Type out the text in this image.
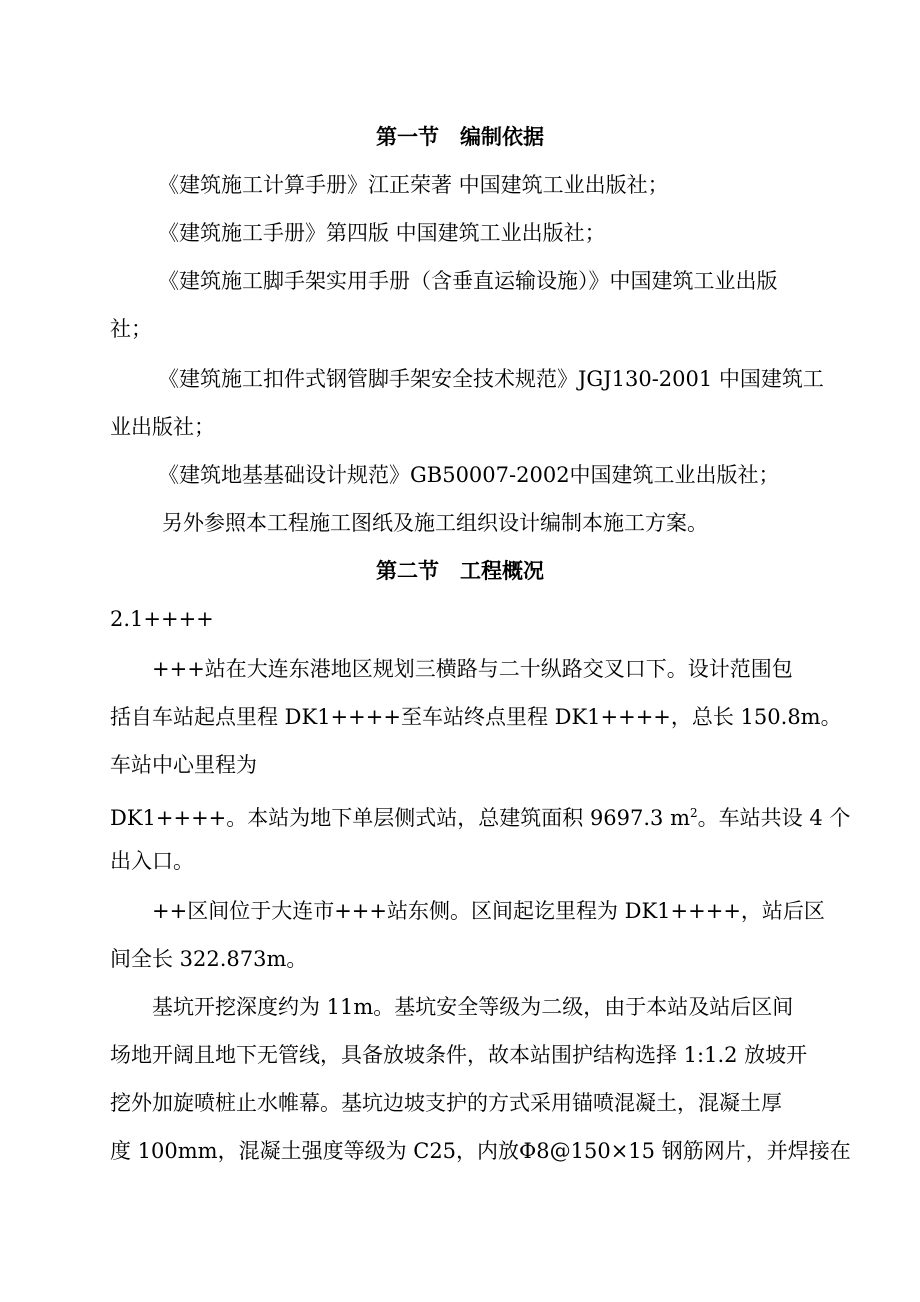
第一节　编制依据
《建筑施工计算手册》江正荣著 中国建筑工业出版社；
《建筑施工手册》第四版 中国建筑工业出版社；
《建筑施工脚手架实用手册（含垂直运输设施）》中国建筑工业出版
社；
《建筑施工扣件式钢管脚手架安全技术规范》JGJ130-2001 中国建筑工
业出版社；
《建筑地基基础设计规范》GB50007-2002中国建筑工业出版社；
另外参照本工程施工图纸及施工组织设计编制本施工方案。
第二节　工程概况
2.1++++
+++站在大连东港地区规划三横路与二十纵路交叉口下。设计范围包
括自车站起点里程 DK1++++至车站终点里程 DK1++++，总长 150.8m。
车站中心里程为
DK1++++。本站为地下单层侧式站，总建筑面积 9697.3 $m^2$。车站共设 4 个
出入口。
++区间位于大连市+++站东侧。区间起讫里程为 DK1++++，站后区
间全长 322.873m。
基坑开挖深度约为 11m。基坑安全等级为二级，由于本站及站后区间
场地开阔且地下无管线，具备放坡条件，故本站围护结构选择 1:1.2 放坡开
挖外加旋喷桩止水帷幕。基坑边坡支护的方式采用锚喷混凝土，混凝土厚
度 100mm，混凝土强度等级为 C25，内放Φ8@150×15 钢筋网片，并焊接在
